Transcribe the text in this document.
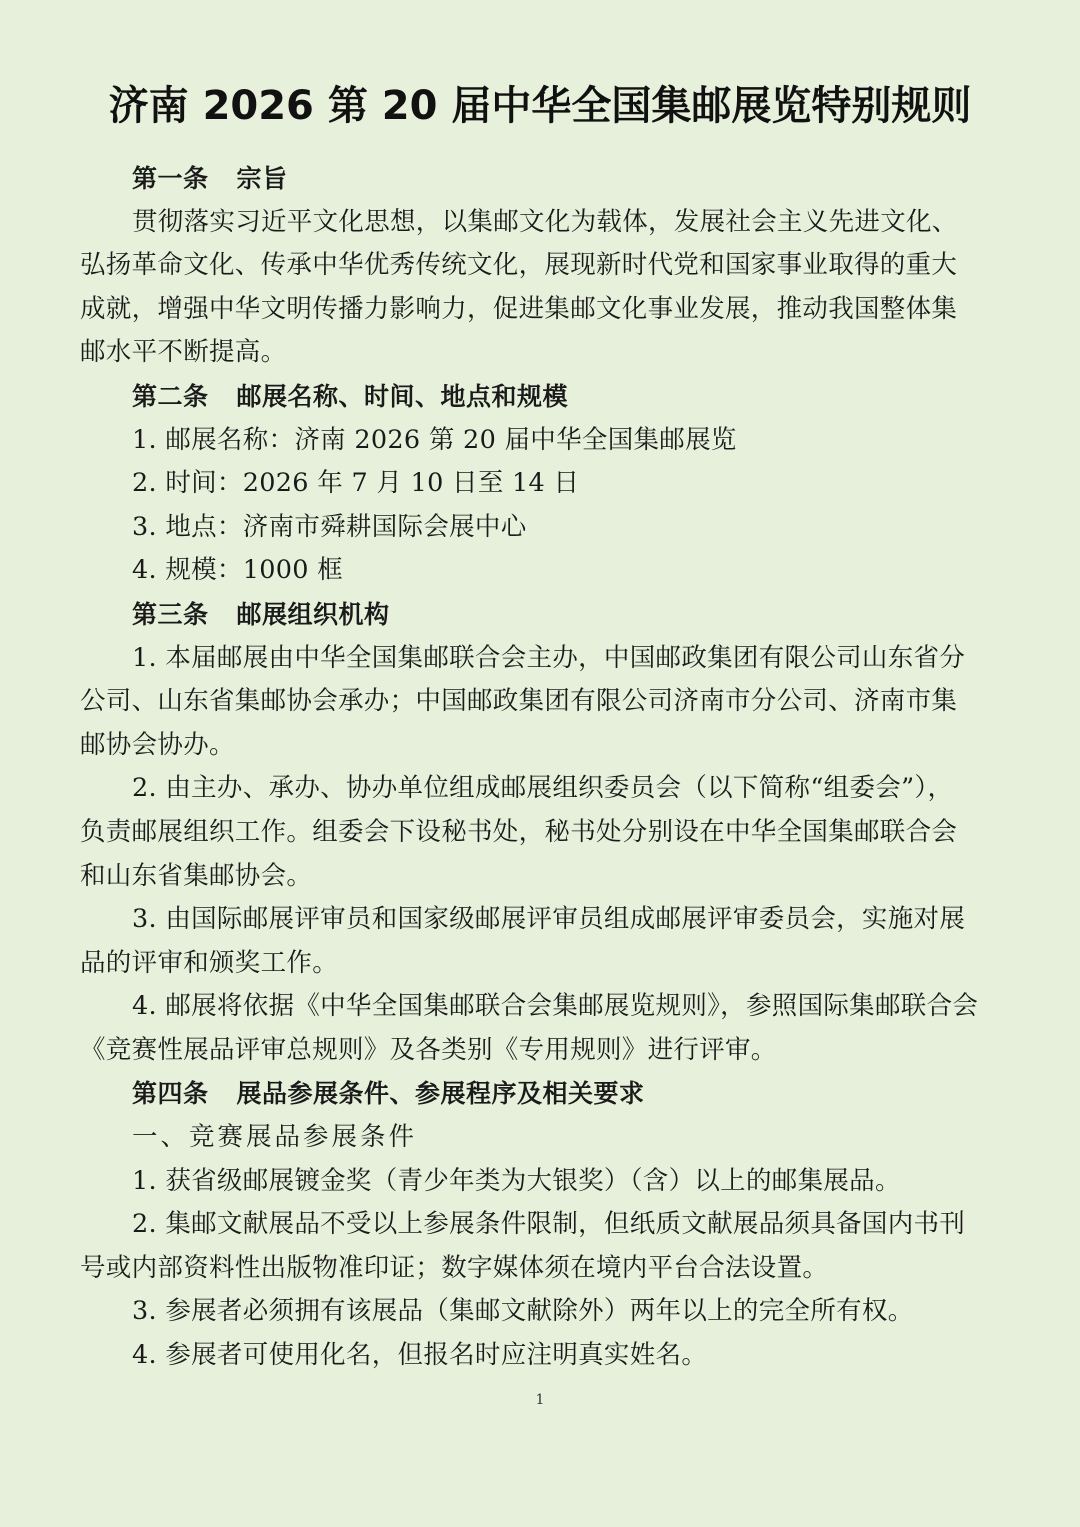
济南 2026 第 20 届中华全国集邮展览特别规则
第一条 宗旨
贯彻落实习近平文化思想，以集邮文化为载体，发展社会主义先进文化、
弘扬革命文化、传承中华优秀传统文化，展现新时代党和国家事业取得的重大
成就，增强中华文明传播力影响力，促进集邮文化事业发展，推动我国整体集
邮水平不断提高。
第二条 邮展名称、时间、地点和规模
1. 邮展名称：济南 2026 第 20 届中华全国集邮展览
2. 时间：2026 年 7 月 10 日至 14 日
3. 地点：济南市舜耕国际会展中心
4. 规模：1000 框
第三条 邮展组织机构
1. 本届邮展由中华全国集邮联合会主办，中国邮政集团有限公司山东省分
公司、山东省集邮协会承办；中国邮政集团有限公司济南市分公司、济南市集
邮协会协办。
2. 由主办、承办、协办单位组成邮展组织委员会（以下简称“组委会”），
负责邮展组织工作。组委会下设秘书处，秘书处分别设在中华全国集邮联合会
和山东省集邮协会。
3. 由国际邮展评审员和国家级邮展评审员组成邮展评审委员会，实施对展
品的评审和颁奖工作。
4. 邮展将依据《中华全国集邮联合会集邮展览规则》，参照国际集邮联合会
《竞赛性展品评审总规则》及各类别《专用规则》进行评审。
第四条 展品参展条件、参展程序及相关要求
一、竞赛展品参展条件
1. 获省级邮展镀金奖（青少年类为大银奖）（含）以上的邮集展品。
2. 集邮文献展品不受以上参展条件限制，但纸质文献展品须具备国内书刊
号或内部资料性出版物准印证；数字媒体须在境内平台合法设置。
3. 参展者必须拥有该展品（集邮文献除外）两年以上的完全所有权。
4. 参展者可使用化名，但报名时应注明真实姓名。
1
